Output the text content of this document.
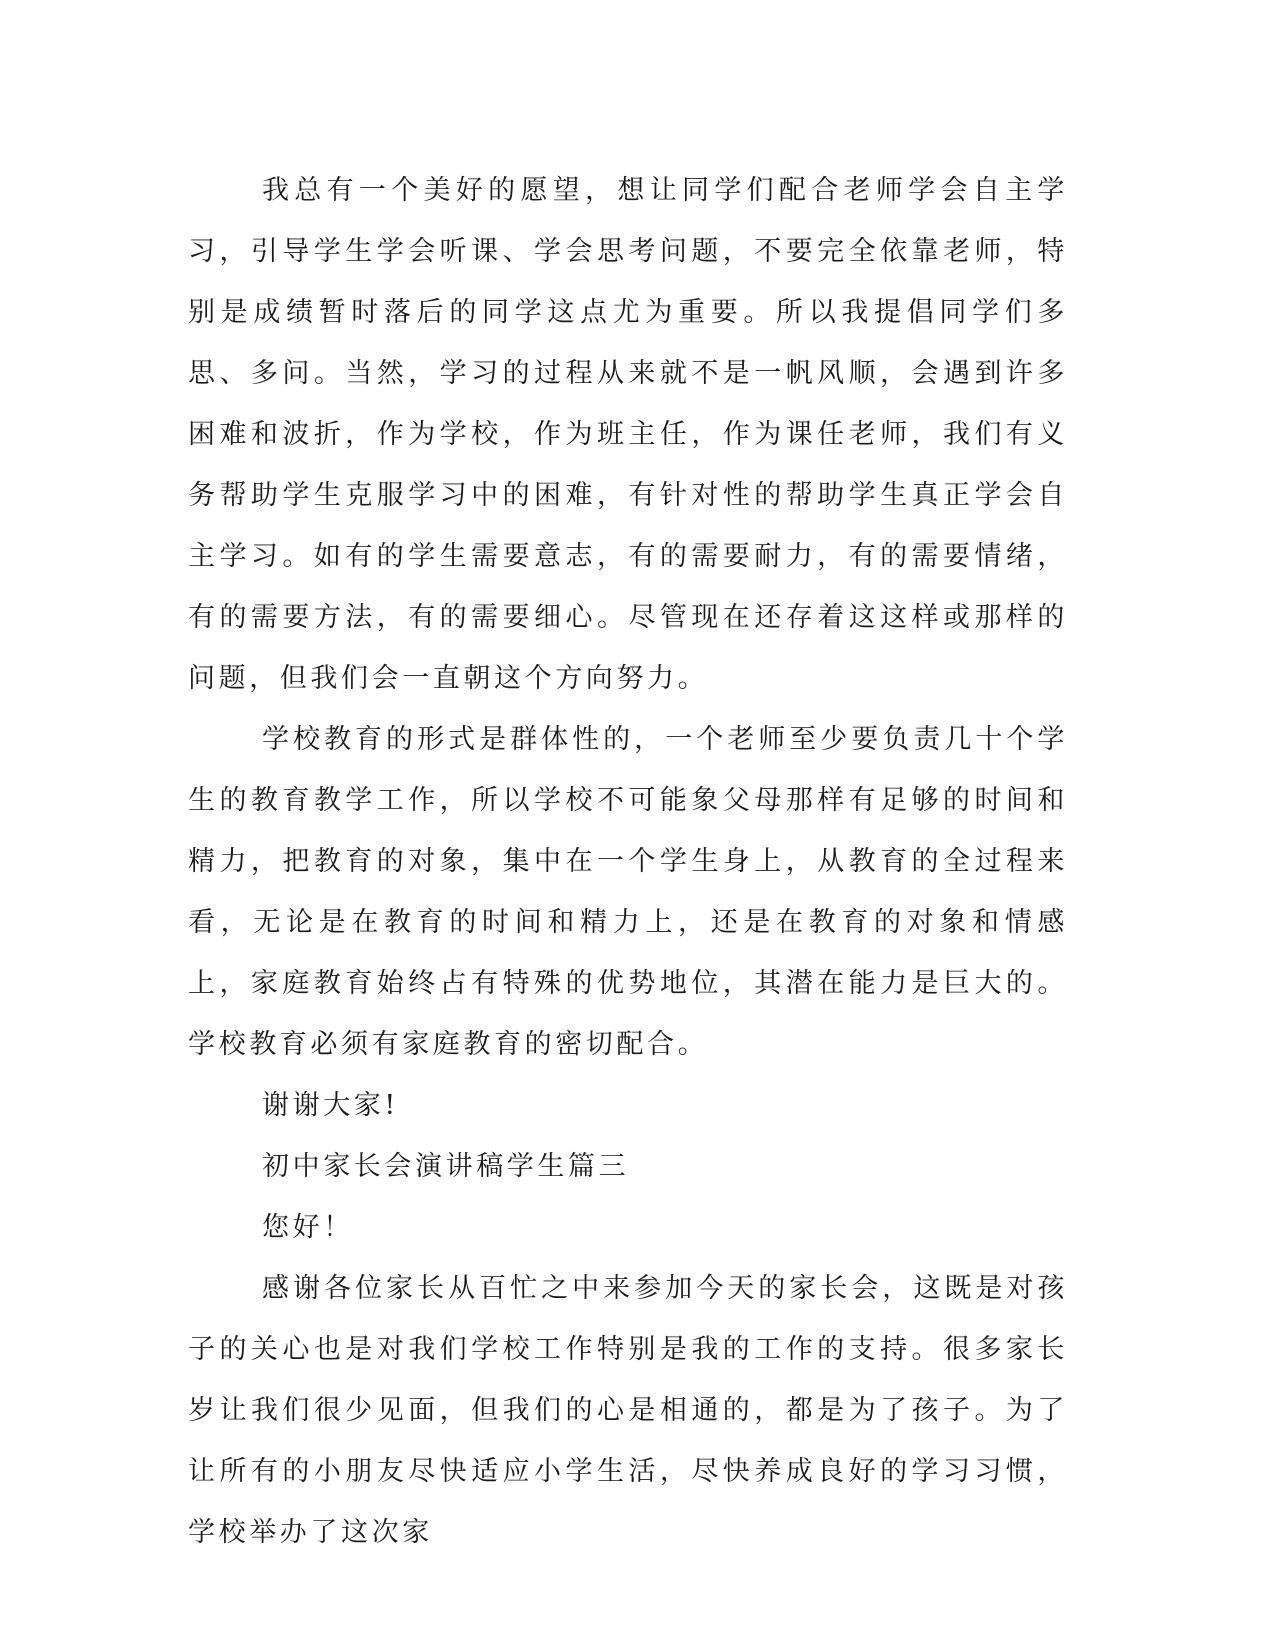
我总有一个美好的愿望，想让同学们配合老师学会自主学习，引导学生学会听课、学会思考问题，不要完全依靠老师，特别是成绩暂时落后的同学这点尤为重要。所以我提倡同学们多思、多问。当然，学习的过程从来就不是一帆风顺，会遇到许多困难和波折，作为学校，作为班主任，作为课任老师，我们有义务帮助学生克服学习中的困难，有针对性的帮助学生真正学会自主学习。如有的学生需要意志，有的需要耐力，有的需要情绪，有的需要方法，有的需要细心。尽管现在还存着这这样或那样的问题，但我们会一直朝这个方向努力。

学校教育的形式是群体性的，一个老师至少要负责几十个学生的教育教学工作，所以学校不可能象父母那样有足够的时间和精力，把教育的对象，集中在一个学生身上，从教育的全过程来看，无论是在教育的时间和精力上，还是在教育的对象和情感上，家庭教育始终占有特殊的优势地位，其潜在能力是巨大的。学校教育必须有家庭教育的密切配合。

谢谢大家!

初中家长会演讲稿学生篇三

您好！

感谢各位家长从百忙之中来参加今天的家长会，这既是对孩子的关心也是对我们学校工作特别是我的工作的支持。很多家长岁让我们很少见面，但我们的心是相通的，都是为了孩子。为了让所有的小朋友尽快适应小学生活，尽快养成良好的学习习惯，学校举办了这次家
